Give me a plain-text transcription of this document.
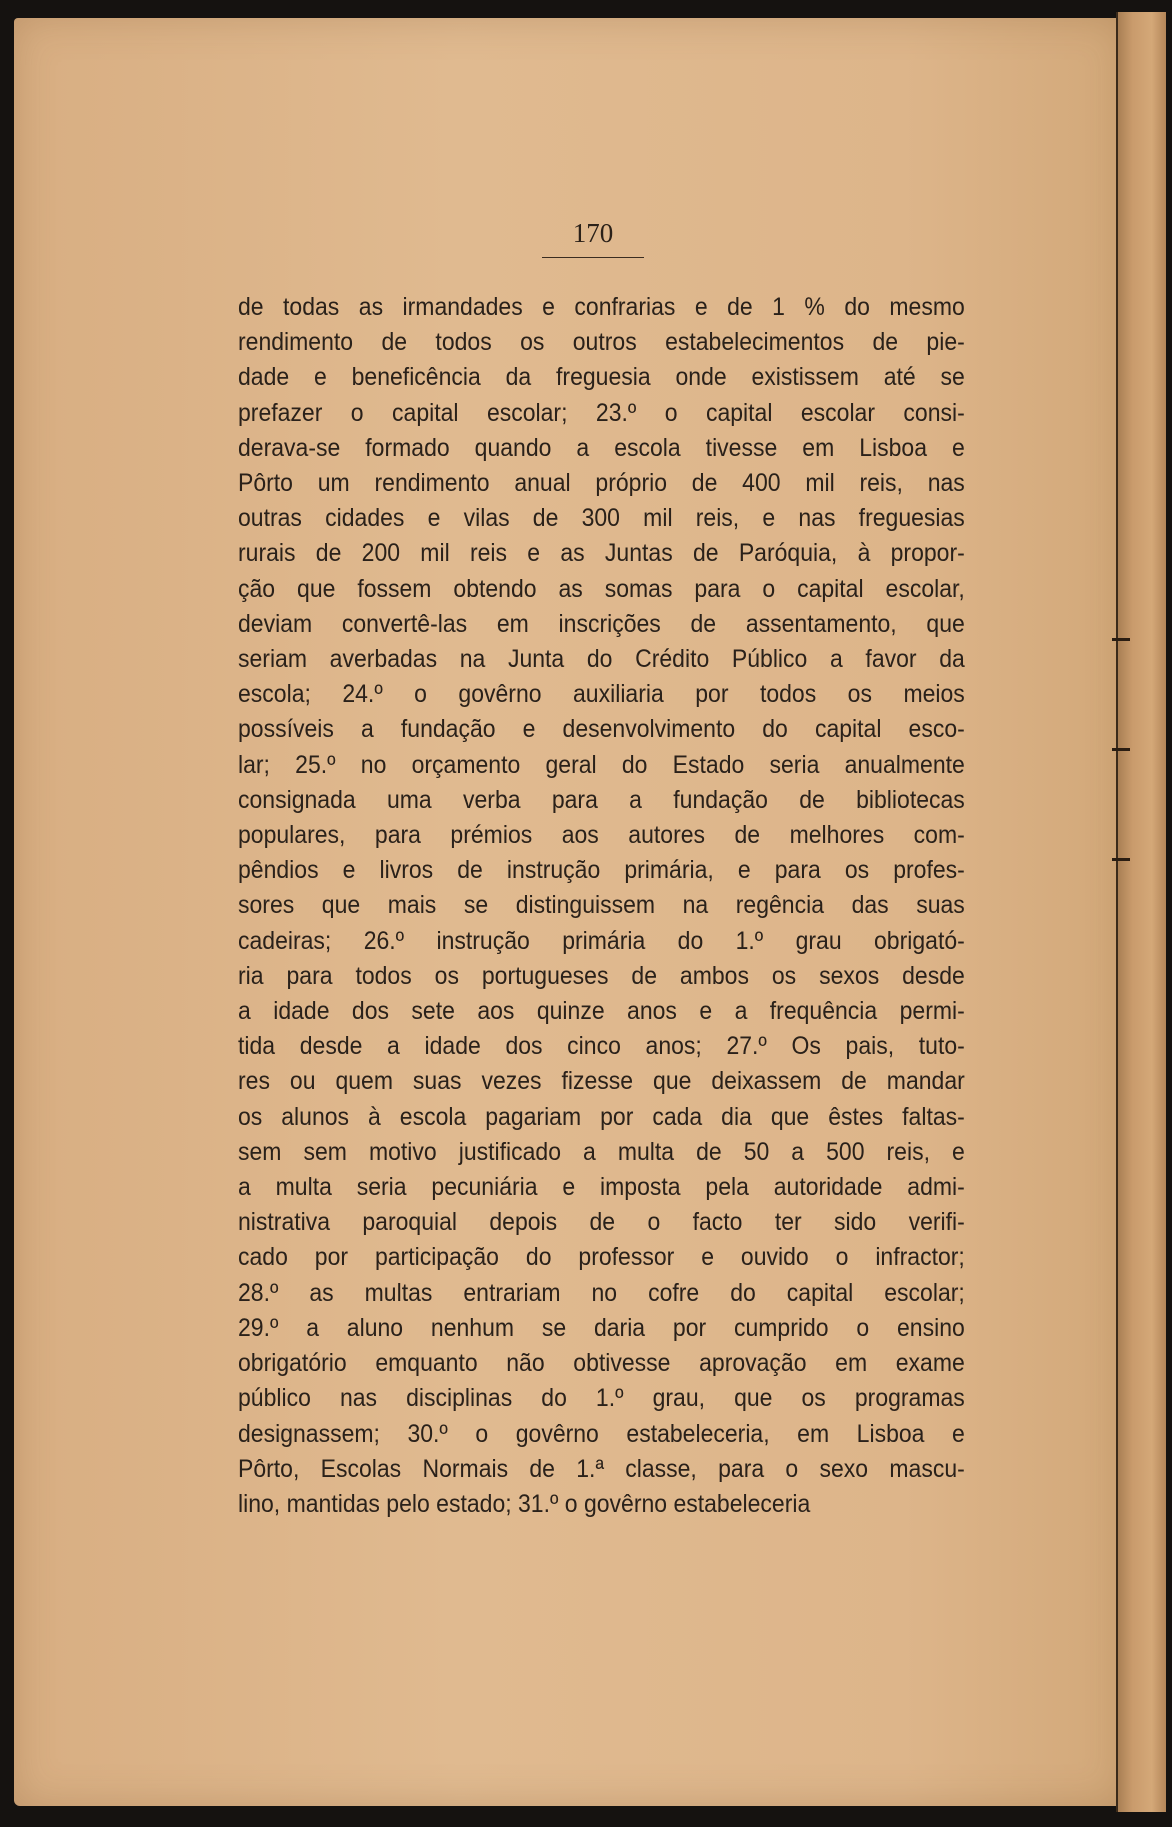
170
de todas as irmandades e confrarias e de 1 % do mesmo
rendimento de todos os outros estabelecimentos de pie-
dade e beneficência da freguesia onde existissem até se
prefazer o capital escolar; 23.º o capital escolar consi-
derava-se formado quando a escola tivesse em Lisboa e
Pôrto um rendimento anual próprio de 400 mil reis, nas
outras cidades e vilas de 300 mil reis, e nas freguesias
rurais de 200 mil reis e as Juntas de Paróquia, à propor-
ção que fossem obtendo as somas para o capital escolar,
deviam convertê-las em inscrições de assentamento, que
seriam averbadas na Junta do Crédito Público a favor da
escola; 24.º o govêrno auxiliaria por todos os meios
possíveis a fundação e desenvolvimento do capital esco-
lar; 25.º no orçamento geral do Estado seria anualmente
consignada uma verba para a fundação de bibliotecas
populares, para prémios aos autores de melhores com-
pêndios e livros de instrução primária, e para os profes-
sores que mais se distinguissem na regência das suas
cadeiras; 26.º instrução primária do 1.º grau obrigató-
ria para todos os portugueses de ambos os sexos desde
a idade dos sete aos quinze anos e a frequência permi-
tida desde a idade dos cinco anos; 27.º Os pais, tuto-
res ou quem suas vezes fizesse que deixassem de mandar
os alunos à escola pagariam por cada dia que êstes faltas-
sem sem motivo justificado a multa de 50 a 500 reis, e
a multa seria pecuniária e imposta pela autoridade admi-
nistrativa paroquial depois de o facto ter sido verifi-
cado por participação do professor e ouvido o infractor;
28.º as multas entrariam no cofre do capital escolar;
29.º a aluno nenhum se daria por cumprido o ensino
obrigatório emquanto não obtivesse aprovação em exame
público nas disciplinas do 1.º grau, que os programas
designassem; 30.º o govêrno estabeleceria, em Lisboa e
Pôrto, Escolas Normais de 1.ª classe, para o sexo mascu-
lino, mantidas pelo estado; 31.º o govêrno estabeleceria
